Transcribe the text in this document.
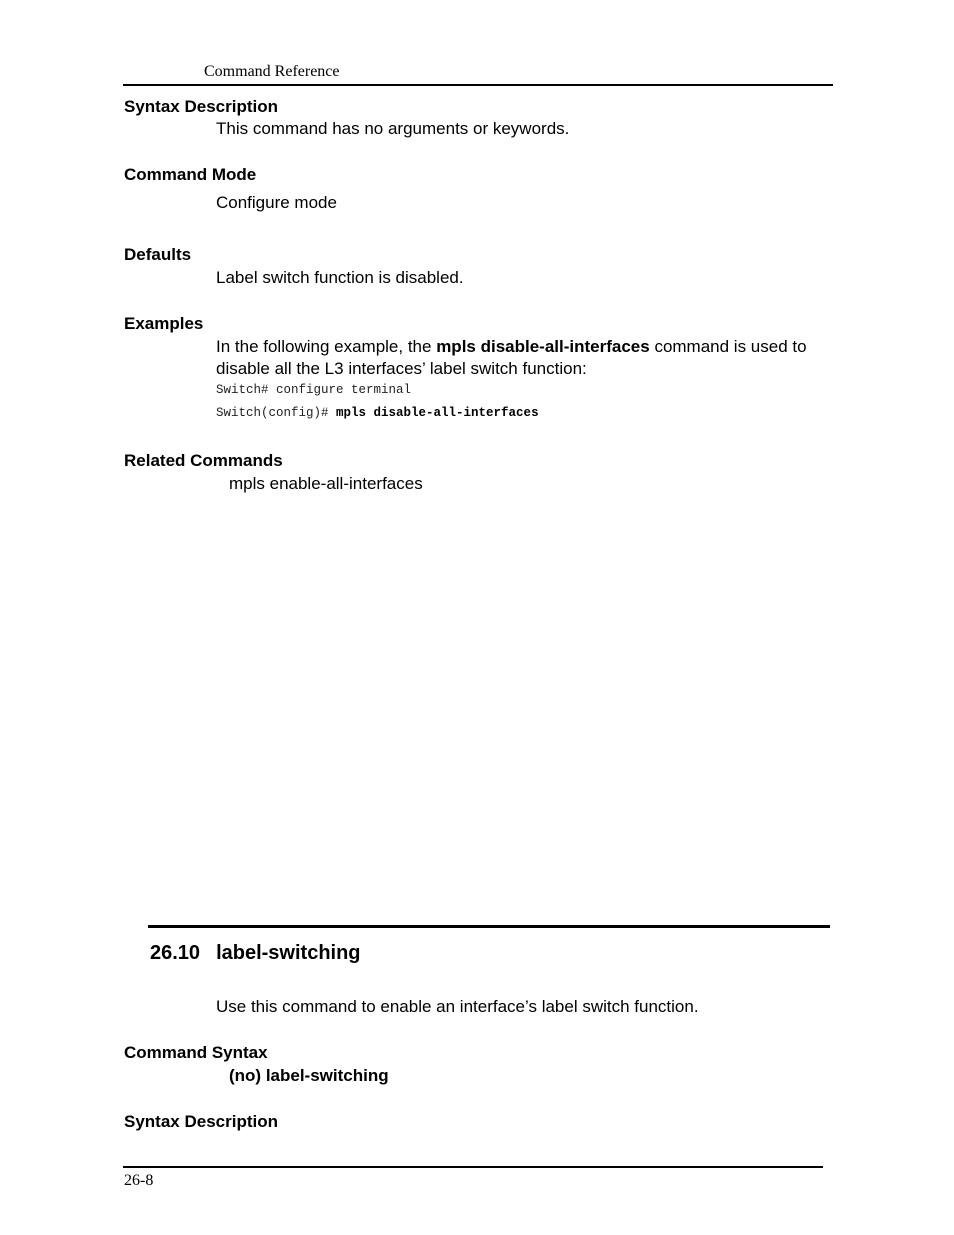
Command Reference
Syntax Description
This command has no arguments or keywords.
Command Mode
Configure mode
Defaults
Label switch function is disabled.
Examples
In the following example, the mpls disable-all-interfaces command is used to
disable all the L3 interfaces’ label switch function:
Switch# configure terminal
Switch(config)# mpls disable-all-interfaces
Related Commands
mpls enable-all-interfaces
26.10 label-switching
Use this command to enable an interface’s label switch function.
Command Syntax
(no) label-switching
Syntax Description
26-8
